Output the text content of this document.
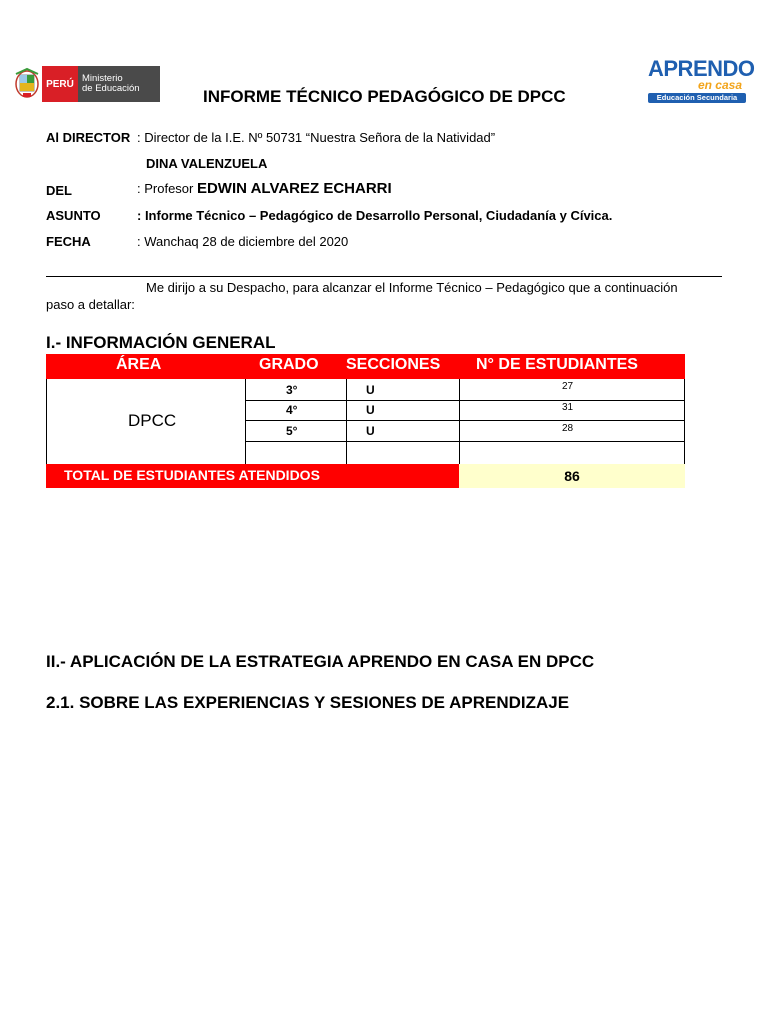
PERÚ Ministerio
de Educación
APRENDO
en casa
Educación Secundaria
INFORME TÉCNICO PEDAGÓGICO DE DPCC
Al DIRECTOR : Director de la I.E. Nº 50731 “Nuestra Señora de la Natividad”
DINA VALENZUELA
DEL	: Profesor EDWIN ALVAREZ ECHARRI
ASUNTO	: Informe Técnico – Pedagógico de Desarrollo Personal, Ciudadanía y Cívica.
FECHA	: Wanchaq 28 de diciembre del 2020
Me dirijo a su Despacho, para alcanzar el Informe Técnico – Pedagógico que a continuación
paso a detallar:
I.- INFORMACIÓN GENERAL
ÁREA	GRADO SECCIONES N° DE ESTUDIANTES
DPCC
3°	U	27
4°	U	31
5°	U	28
TOTAL DE ESTUDIANTES ATENDIDOS	86
II.- APLICACIÓN DE LA ESTRATEGIA APRENDO EN CASA EN DPCC
2.1. SOBRE LAS EXPERIENCIAS Y SESIONES DE APRENDIZAJE
